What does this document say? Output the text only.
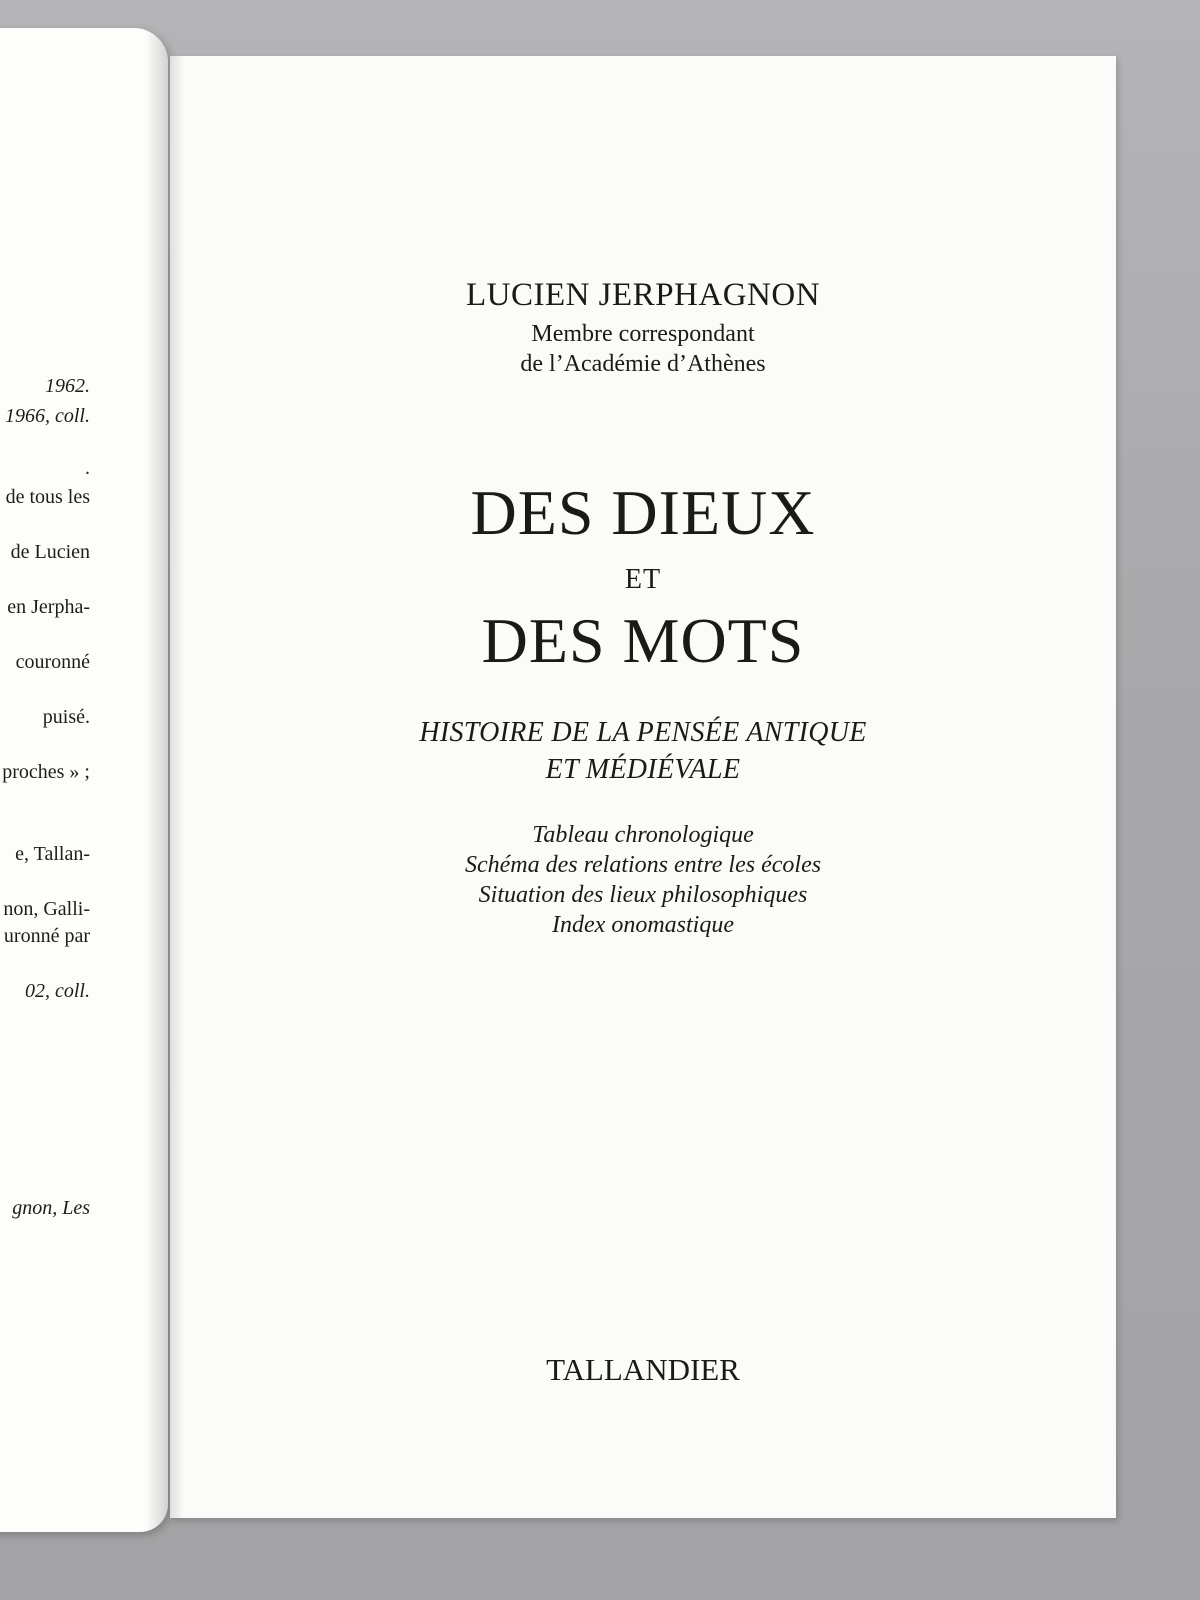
1962.
1966, coll.
.
de tous les
de Lucien
en Jerpha-
couronné
puisé.
proches » ;
e, Tallan-
non, Galli-
uronné par
02, coll.
gnon, Les
LUCIEN JERPHAGNON
Membre correspondant
de l’Académie d’Athènes
DES DIEUX
ET
DES MOTS
HISTOIRE DE LA PENSÉE ANTIQUE
ET MÉDIÉVALE
Tableau chronologique
Schéma des relations entre les écoles
Situation des lieux philosophiques
Index onomastique
TALLANDIER
